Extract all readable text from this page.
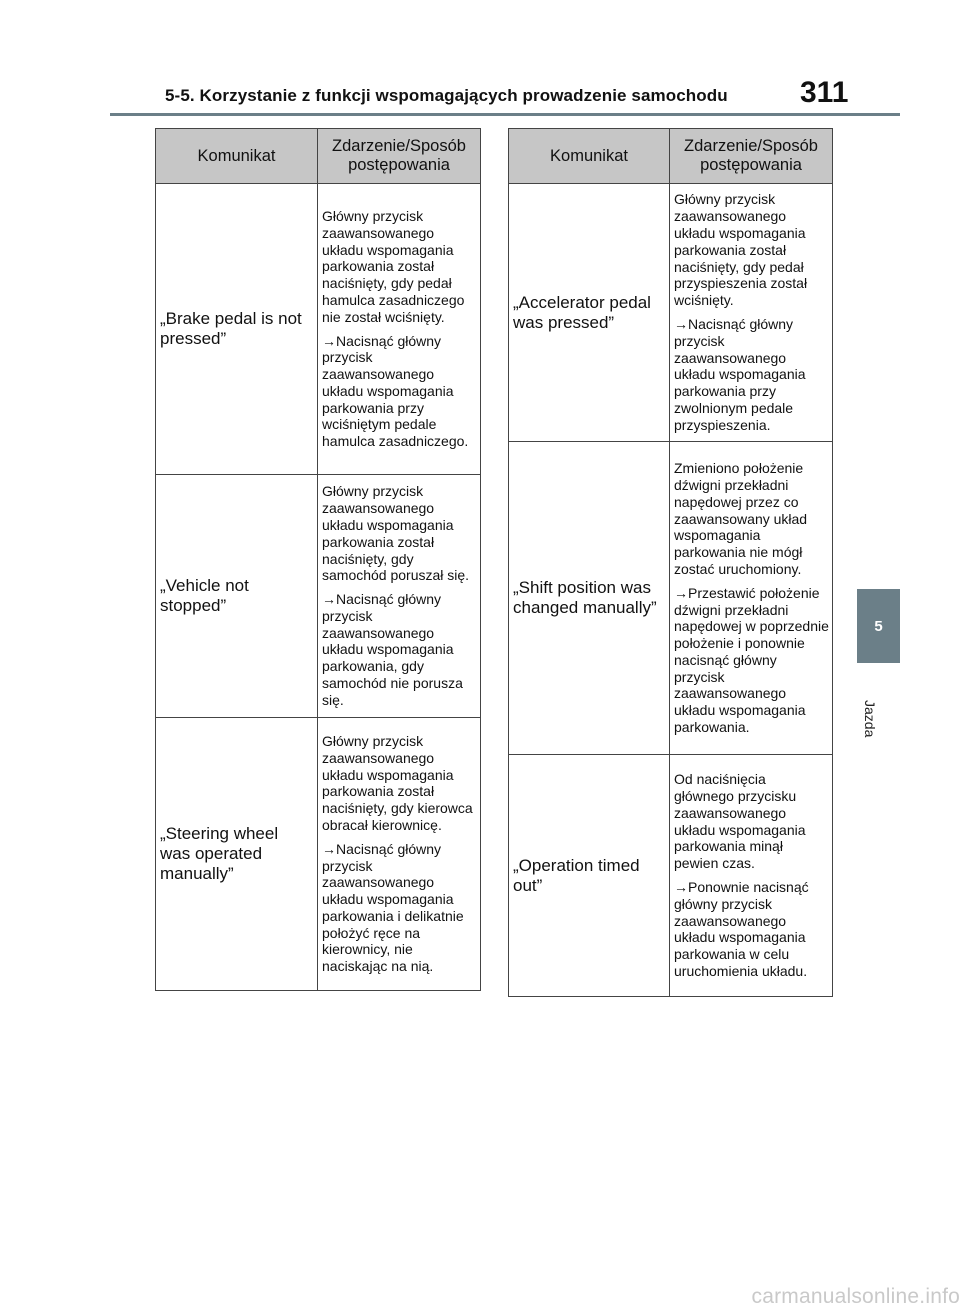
5-5. Korzystanie z funkcji wspomagających prowadzenie samochodu 311
5
Jazda
Komunikat	Zdarzenie/Sposób postępowania
„Brake pedal is not pressed”	Główny przycisk zaawansowanego układu wspomagania parkowania został naciśnięty, gdy pedał hamulca zasadniczego nie został wciśnięty.

→Nacisnąć główny przycisk zaawansowanego układu wspomagania parkowania przy wciśniętym pedale hamulca zasadniczego.

„Vehicle not stopped”	Główny przycisk zaawansowanego układu wspomagania parkowania został naciśnięty, gdy samochód poruszał się.

→Nacisnąć główny przycisk zaawansowanego układu wspomagania parkowania, gdy samochód nie porusza się.

„Steering wheel was operated manually”	Główny przycisk zaawansowanego układu wspomagania parkowania został naciśnięty, gdy kierowca obracał kierownicę.

→Nacisnąć główny przycisk zaawansowanego układu wspomagania parkowania i delikatnie położyć ręce na kierownicy, nie naciskając na nią.

Komunikat	Zdarzenie/Sposób postępowania
„Accelerator pedal was pressed”	Główny przycisk zaawansowanego układu wspomagania parkowania został naciśnięty, gdy pedał przyspieszenia został wciśnięty.

→Nacisnąć główny przycisk zaawansowanego układu wspomagania parkowania przy zwolnionym pedale przyspieszenia.

„Shift position was changed manually”	Zmieniono położenie dźwigni przekładni napędowej przez co zaawansowany układ wspomagania parkowania nie mógł zostać uruchomiony.

→Przestawić położenie dźwigni przekładni napędowej w poprzednie położenie i ponownie nacisnąć główny przycisk zaawansowanego układu wspomagania parkowania.

„Operation timed out”	Od naciśnięcia głównego przycisku zaawansowanego układu wspomagania parkowania minął pewien czas.

→Ponownie nacisnąć główny przycisk zaawansowanego układu wspomagania parkowania w celu uruchomienia układu.

carmanualsonline.info
